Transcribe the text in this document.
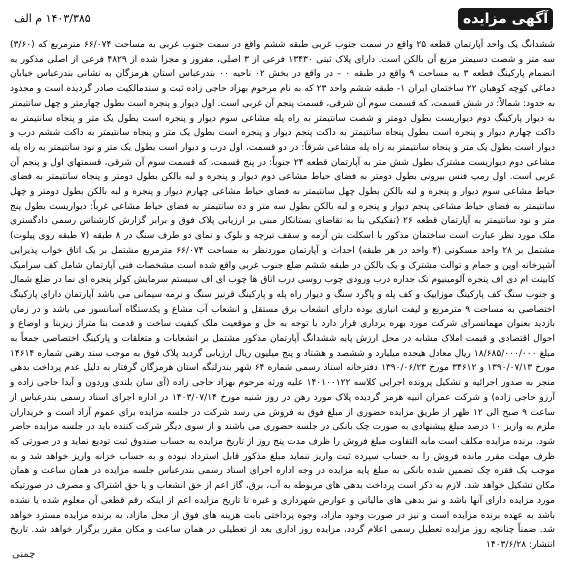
آگهی مزایده
۱۴۰۳/۳۸۵ م الف
ششدانگ یک واحد آپارتمان قطعه ۲۵ واقع در سمت جنوب غربی طبقه ششم واقع در سمت جنوب غربی به مساحت ۶۶/۰۷۴ مترمربع که (۳/۶۰) سه متر و شصت دسیمتر مربع آن بالکن است. دارای پلاک ثبتی ۱۳۴۳۰ فرعی از ۳ اصلی، مفروز و مجزا شده از ۴۸۲۹ فرعی از اصلی مذکور به انضمام پارکینگ قطعه ۳ به مساحت ۹ واقع در طبقه ۰ – در واقع در بخش ۰۲ ناحیه ۰۰ بندرعباس استان هرمزگان به نشانی بندرعباس خیابان دماغی کوچه کوهبان ۲۲ ساختمان ایران ۱- طبقه ششم واحد ۲۳ که به نام مرحوم بهزاد حاجی زاده ثبت و سندمالکیت صادر گردیده است و محدود به حدود: شمالاً: در شش قسمت، که قسمت سوم آن شرقی، قسمت پنجم آن غربی است. اول دیوار و پنجره است بطول چهارمتر و چهل سانتیمتر به دیوار پارکینگ دوم دیواریست بطول دومتر و شصت سانتیمتر به راه پله مشاعی سوم دیوار و پنجره است بطول یک متر و پنجاه سانتیمتر به داکت چهارم دیوار و پنجره است بطول پنجاه سانتیمتر به داکت پنجم دیوار و پنجره است بطول یک متر و پنجاه سانتیمتر به داکت ششم درب و دیوار است بطول یک متر و پنجاه سانتیمتر به راه پله مشاعی شرقاً: در دو قسمت، اول درب و دیوار است بطول یک متر و نود سانتیمتر به راه پله مشاعی دوم دیواریست مشترک بطول شش متر به آپارتمان قطعه ۲۴ جنوباً: در پنج قسمت، که قسمت سوم آن شرقی، قسمتهای اول و پنجم آن غربی است. اول رمپ فنس بیرونی بطول دومتر به فضای حیاط مشاعی دوم دیوار و پنجره و لبه بالکن بطول دومتر و پنجاه سانتیمتر به فضای حیاط مشاعی سوم دیوار و پنجره و لبه بالکن بطول چهل سانتیمتر به فضای حیاط مشاعی چهارم دیوار و پنجره و لبه بالکن بطول دومتر و چهل سانتیمتر به فضای حیاط مشاعی پنجم دیوار و پنجره و لبه بالکن بطول سه متر و ده سانتیمتر به فضای حیاط مشاعی غرباً: دیواریست بطول پنج متر و نود سانتیمتر به آپارتمان قطعه ۲۶ (تفکیکی بنا به تقاضای بستانکار مبنی بر ارزیابی پلاک فوق و برابر گزارش کارشناس رسمی دادگستری ملک مورد نظر عبارت است ساختمان مذکور با اسکلت بتن آرمه و سقف تیرچه و بلوک و نمای دو طرف سنگ در ۸ طبقه (۷ طبقه روی پیلوت) مشتمل بر ۲۸ واحد مسکونی (۴ واحد در هر طبقه) احداث و آپارتمان موردنظر به مساحت ۶۶/۰۷۴ مترمربع مشتمل بر یک اتاق خواب پذیرایی آشپزخانه اوپن و حمام و توالت مشترک و یک بالکن در طبقه ششم ضلع جنوب غربی واقع شده است مشخصات فنی آپارتمان شامل کف سرامیک کابینت ام دی اف پنجره آلومینیوم تک جداره درب ورودی چوب روسی درب اتاق ها چوب ای اف سیستم سرمایش کولر پنجره ای نما در ضلع شمال و جنوب سنگ کف پارکینگ موزاییک و کف پله و پاگرد سنگ و دیوار راه پله و پارکینگ قرنیز سنگ و نرمه سیمانی می باشد آپارتمان دارای پارکینگ اختصاصی به مساحت ۹ مترمربع و لیفت انباری بوده دارای انشعاب برق مستقل و انشعاب آب مشاع و یکدستگاه آسانسور می باشد و در زمان بازدید بعنوان مهمانسرای شرکت مورد بهره برداری قرار دارد با توجه به حل و موقعیت ملک کیفیت ساخت و قدمت بنا متراژ زیربنا و اوضاع و احوال اقتصادی و قیمت املاک مشابه در محل ارزش پایه ششدانگ آپارتمان مذکور مشتمل بر انشعابات و متعلقات و پارکینگ اختصاصی جمعاً به مبلغ ۱۸/۶۸۵/۰۰۰/۰۰۰ ریال معادل هیجده میلیارد و ششصد و هشتاد و پنج میلیون ریال ارزیابی گردید پلاک فوق به موجب سند رهنی شماره ۱۴۶۱۴ مورخ ۱۳۹۰/۰۷/۱۳ و ۳۴۶۱۲ مورخ ۱۳۹۰/۰۶/۲۳ دفترخانه اسناد رسمی شماره ۶۴ شهر بندرلنگه استان هرمزگان گرفتار به دلیل عدم پرداخت بدهی منجر به صدور اجرائیه و تشکیل پرونده اجرایی کلاسه ۱۴۰۱۰۰۱۲۲ علیه ورثه مرحوم بهزاد حاجی زاده (آی سان بلندی وردون و آیدا حاجی زاده و آرزو حاجی زاده) و شرکت عمران انبیه هرمز گردیده پلاک مورد رهن در روز شنبه مورخ ۱۴۰۳/۰۷/۱۴ در اداره اجرای اسناد رسمی بندرعباس از ساعت ۹ صبح الی ۱۲ ظهر از طریق مزایده حضوری از مبلغ فوق به فروش می رسد شرکت در جلسه مزایده برای عموم آزاد است و خریداران ملزم به واریز ۱۰ درصد مبلغ پیشنهادی به صورت چک بانکی در جلسه حضوری می باشند و از سوی دیگر شرکت کننده باید در جلسه مزایده حاضر شود. برنده مزایده مکلف است مابه التفاوت مبلغ فروش را ظرف مدت پنج روز از تاریخ مزایده به حساب صندوق ثبت تودیع نماید و در صورتی که ظرف مهلت مقرر مانده فروش را به حساب سپرده ثبت واریز ننماید مبلغ مذکور قابل استرداد نبوده و به حساب خزانه واریز خواهد شد و به موجب یک فقره چک تضمین شده بانکی به مبلغ پایه مزایده در وجه اداره اجرای اسناد رسمی بندرعباس جلسه مزایده در همان ساعت و همان مکان تشکیل خواهد شد. لازم به ذکر است پرداخت بدهی های مربوطه به آب، برق، گاز اعم از حق انشعاب و یا حق اشتراک و مصرف در صورتیکه مورد مزایده دارای آنها باشد و نیز بدهی های مالیاتی و عوارض شهرداری و غیره تا تاریخ مزایده اعم از اینکه رقم قطعی آن معلوم شده یا نشده باشد به عهده برنده مزایده است و نیز در صورت وجود مازاد، وجوه پرداختی بابت هزینه های فوق از محل مازاد، به برنده مزایده مسترد خواهد شد. ضمناً چنانچه روز مزایده تعطیل رسمی اعلام گردد، مزایده روز اداری بعد از تعطیلی در همان ساعت و مکان مقرر برگزار خواهد شد. تاریخ انتشار: ۱۴۰۳/۶/۲۸
چمنی
